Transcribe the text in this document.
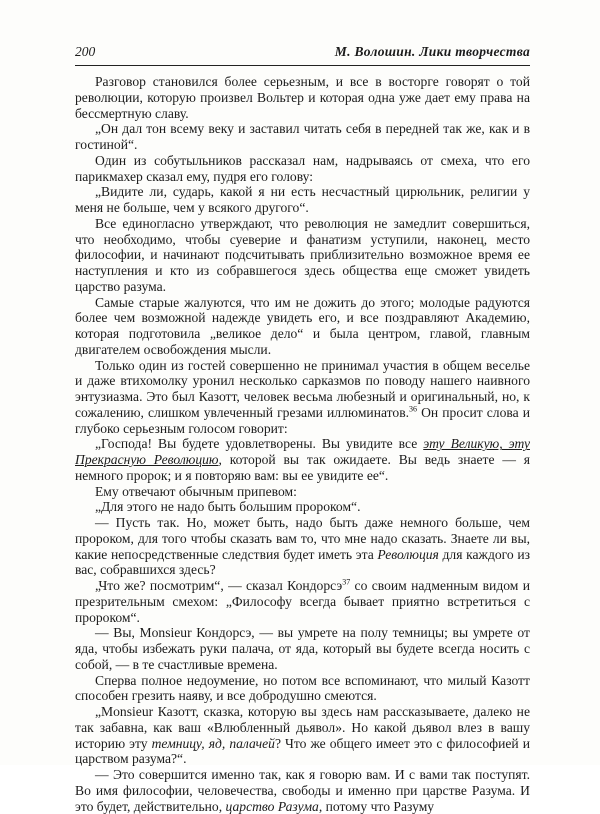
200	М. Волошин. Лики творчества

Разговор становился более серьезным, и все в восторге говорят о той революции, которую произвел Вольтер и которая одна уже дает ему права на бессмертную славу.

„Он дал тон всему веку и заставил читать себя в передней так же, как и в гостиной“.

Один из собутыльников рассказал нам, надрываясь от смеха, что его парикмахер сказал ему, пудря его голову:

„Видите ли, сударь, какой я ни есть несчастный цирюльник, религии у меня не больше, чем у всякого другого“.

Все единогласно утверждают, что революция не замедлит совершиться, что необходимо, чтобы суеверие и фанатизм уступили, наконец, место философии, и начинают подсчитывать приблизительно возможное время ее наступления и кто из собравшегося здесь общества еще сможет увидеть царство разума.

Самые старые жалуются, что им не дожить до этого; молодые радуются более чем возможной надежде увидеть его, и все поздравляют Академию, которая подготовила „великое дело“ и была центром, главой, главным двигателем освобождения мысли.

Только один из гостей совершенно не принимал участия в общем веселье и даже втихомолку уронил несколько сарказмов по поводу нашего наивного энтузиазма. Это был Казотт, человек весьма любезный и оригинальный, но, к сожалению, слишком увлеченный грезами иллюминатов.$^{36}$ Он просит слова и глубоко серьезным голосом говорит:

„Господа! Вы будете удовлетворены. Вы увидите все эту Великую, эту Прекрасную Революцию, которой вы так ожидаете. Вы ведь знаете — я немного пророк; и я повторяю вам: вы ее увидите ее“.

Ему отвечают обычным припевом:

„Для этого не надо быть большим пророком“.

— Пусть так. Но, может быть, надо быть даже немного больше, чем пророком, для того чтобы сказать вам то, что мне надо сказать. Знаете ли вы, какие непосредственные следствия будет иметь эта Революция для каждого из вас, собравшихся здесь?

„Что же? посмотрим“, — сказал Кондорсэ$^{37}$ со своим надменным видом и презрительным смехом: „Философу всегда бывает приятно встретиться с пророком“.

— Вы, Monsieur Кондорсэ, — вы умрете на полу темницы; вы умрете от яда, чтобы избежать руки палача, от яда, который вы будете всегда носить с собой, — в те счастливые времена.

Сперва полное недоумение, но потом все вспоминают, что милый Казотт способен грезить наяву, и все добродушно смеются.

„Monsieur Казотт, сказка, которую вы здесь нам рассказываете, далеко не так забавна, как ваш «Влюбленный дьявол». Но какой дьявол влез в вашу историю эту темницу, яд, палачей? Что же общего имеет это с философией и царством разума?“.

— Это совершится именно так, как я говорю вам. И с вами так поступят. Во имя философии, человечества, свободы и именно при царстве Разума. И это будет, действительно, царство Разума, потому что Разуму
